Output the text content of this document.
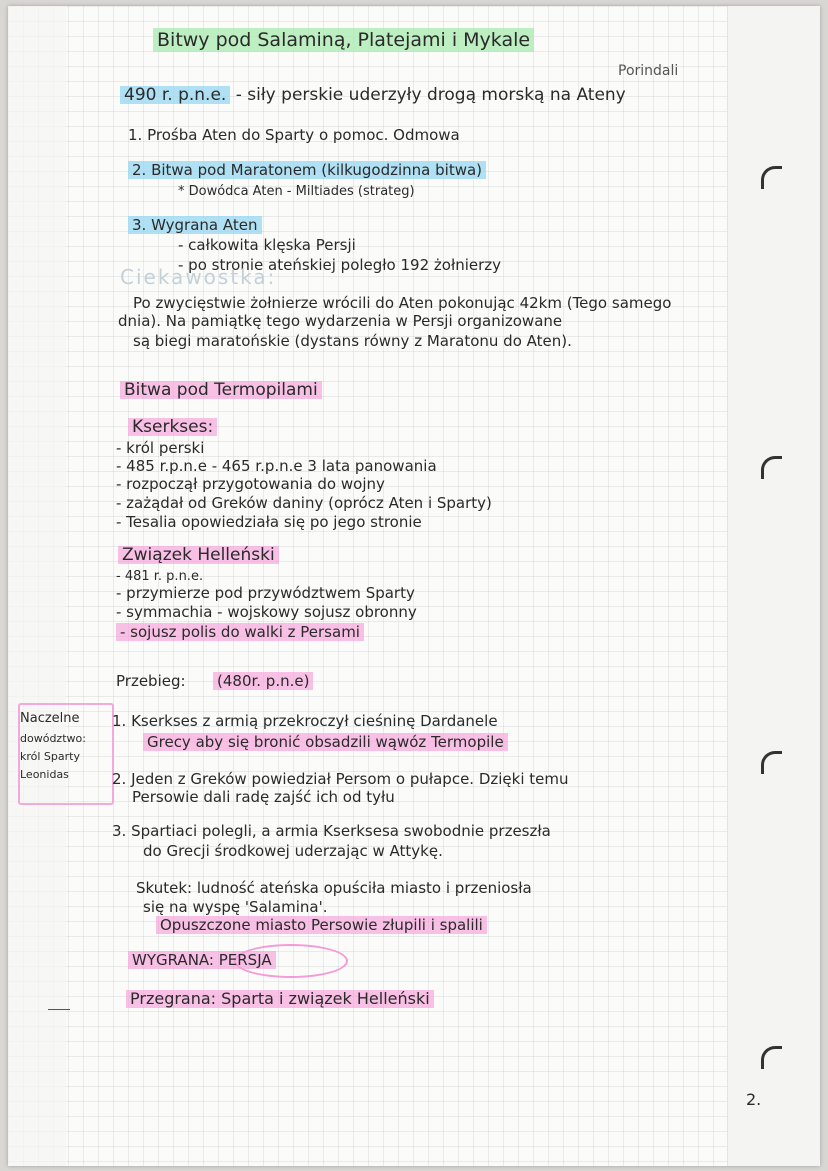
Bitwy pod Salaminą, Platejami i Mykale
Porindali
490 r. p.n.e. - siły perskie uderzyły drogą morską na Ateny
1. Prośba Aten do Sparty o pomoc. Odmowa
2. Bitwa pod Maratonem (kilkugodzinna bitwa)
* Dowódca Aten - Miltiades (strateg)
3. Wygrana Aten
- całkowita klęska Persji
- po stronie ateńskiej poległo 192 żołnierzy
Ciekawostka:
Po zwycięstwie żołnierze wrócili do Aten pokonując 42km (Tego samego
dnia). Na pamiątkę tego wydarzenia w Persji organizowane
są biegi maratońskie (dystans równy z Maratonu do Aten).
Bitwa pod Termopilami
Kserkses:
- król perski
- 485 r.p.n.e - 465 r.p.n.e 3 lata panowania
- rozpoczął przygotowania do wojny
- zażądał od Greków daniny (oprócz Aten i Sparty)
- Tesalia opowiedziała się po jego stronie
Związek Helleński
- 481 r. p.n.e.
- przymierze pod przywództwem Sparty
- symmachia - wojskowy sojusz obronny
- sojusz polis do walki z Persami
Przebieg: (480r. p.n.e)
Naczelne
dowództwo:
król Sparty
Leonidas
1. Kserkses z armią przekroczył cieśninę Dardanele
Grecy aby się bronić obsadzili wąwóz Termopile
2. Jeden z Greków powiedział Persom o pułapce. Dzięki temu
Persowie dali radę zajść ich od tyłu
3. Spartiaci polegli, a armia Kserksesa swobodnie przeszła
do Grecji środkowej uderzając w Attykę.
Skutek: ludność ateńska opuściła miasto i przeniosła
się na wyspę 'Salamina'.
Opuszczone miasto Persowie złupili i spalili
WYGRANA: PERSJA
Przegrana: Sparta i związek Helleński
2.
